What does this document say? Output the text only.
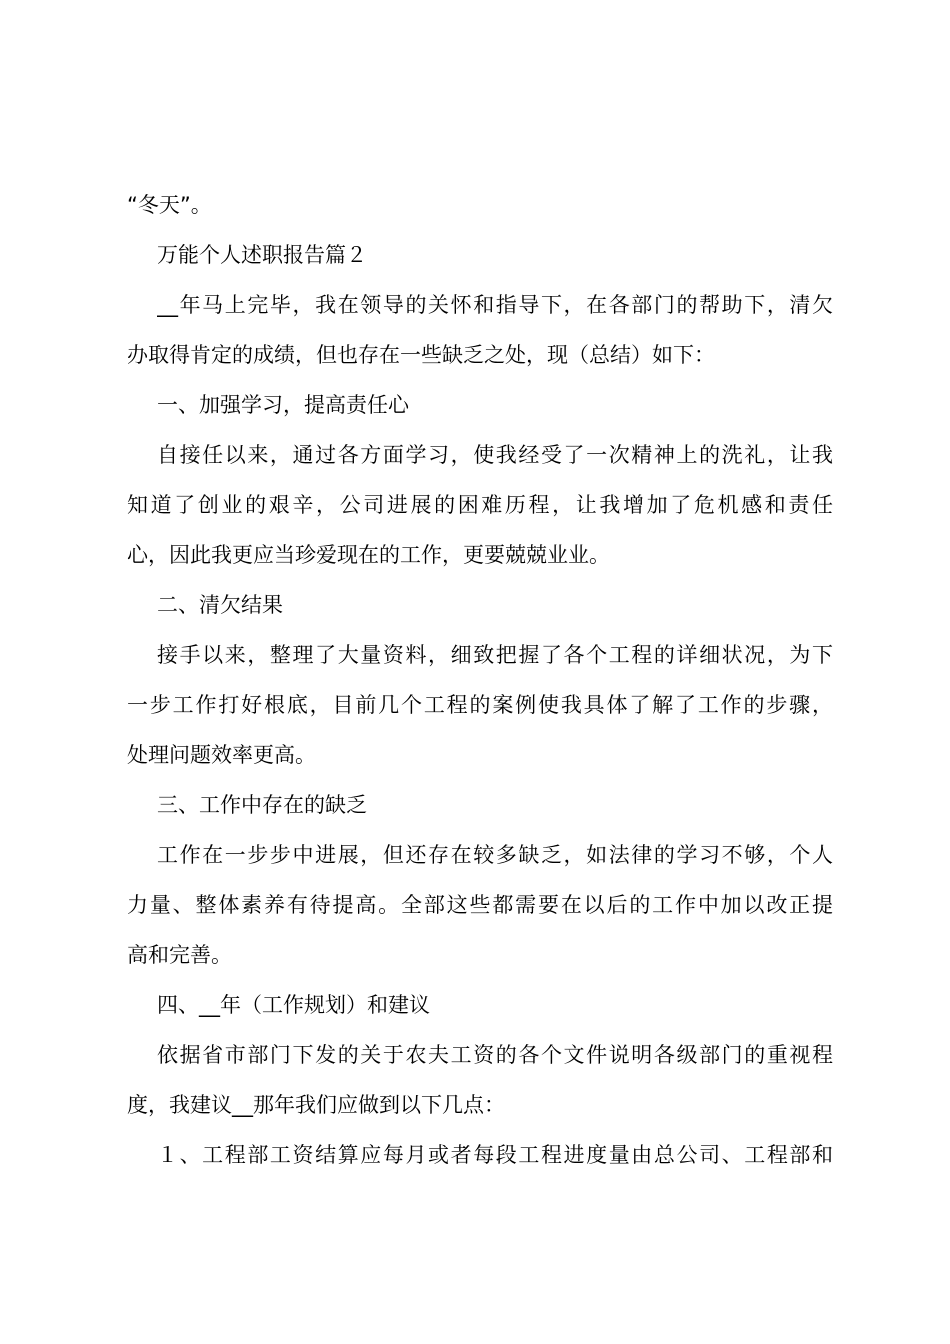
“冬天”。
万能个人述职报告篇２
__年马上完毕，我在领导的关怀和指导下，在各部门的帮助下，清欠
办取得肯定的成绩，但也存在一些缺乏之处，现（总结）如下：
一、加强学习，提高责任心
自接任以来，通过各方面学习，使我经受了一次精神上的洗礼，让我
知道了创业的艰辛，公司进展的困难历程，让我增加了危机感和责任
心，因此我更应当珍爱现在的工作，更要兢兢业业。
二、清欠结果
接手以来，整理了大量资料，细致把握了各个工程的详细状况，为下
一步工作打好根底，目前几个工程的案例使我具体了解了工作的步骤，
处理问题效率更高。
三、工作中存在的缺乏
工作在一步步中进展，但还存在较多缺乏，如法律的学习不够，个人
力量、整体素养有待提高。全部这些都需要在以后的工作中加以改正提
高和完善。
四、__年（工作规划）和建议
依据省市部门下发的关于农夫工资的各个文件说明各级部门的重视程
度，我建议__那年我们应做到以下几点：
１、工程部工资结算应每月或者每段工程进度量由总公司、工程部和
